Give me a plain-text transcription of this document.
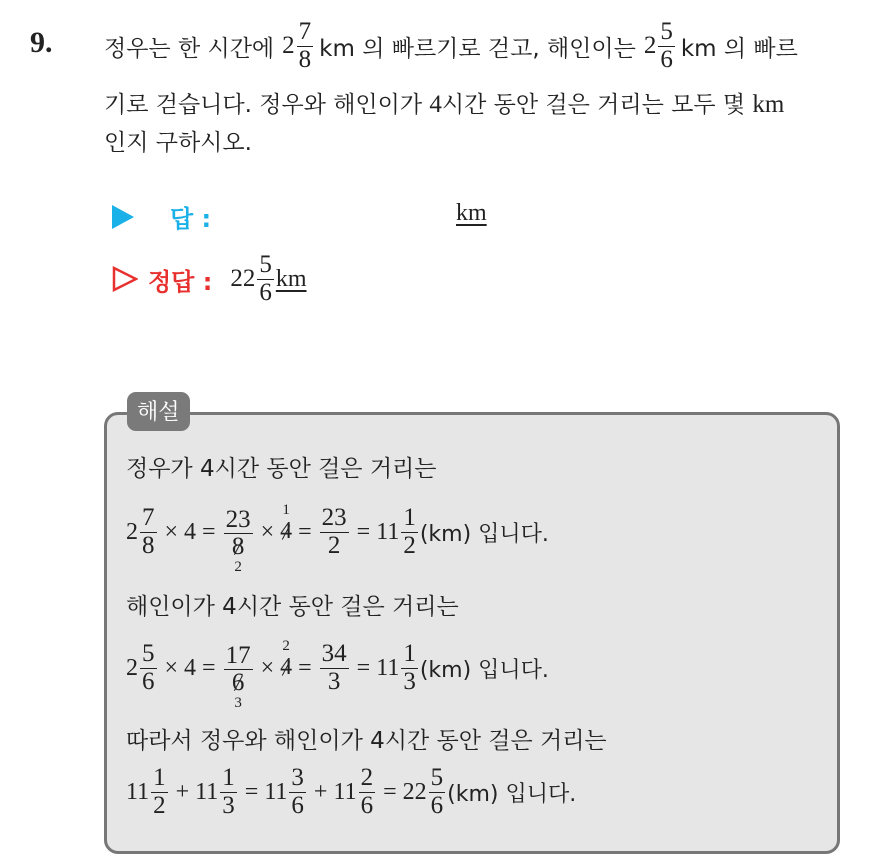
9. 정우는 한 시간에 $2 \frac{7}{8}$ km 의 빠르기로 걷고, 해인이는 $2 \frac{5}{6}$ km 의 빠르
기로 걷습니다. 정우와 해인이가 4시간 동안 걸은 거리는 모두 몇 km
인지 구하시오.
답 :	km
정답 : $22 \frac{5}{6}$ km
해설
정우가 4시간 동안 걸은 거리는
$2 \frac{7}{8} \times 4 = \frac{23}{8}$
2
×
1
$4 = \frac{23}{2} = 11 \frac{1}{2} (km)$ 입니다.
해인이가 4시간 동안 걸은 거리는
$2 \frac{5}{6} \times 4 = \frac{17}{6}$
3
×
2
$4 = \frac{34}{3} = 11 \frac{1}{3} (km)$ 입니다.
따라서 정우와 해인이가 4시간 동안 걸은 거리는
$11 \frac{1}{2} + 11 \frac{1}{3} = 11 \frac{3}{6} + 11 \frac{2}{6} = 22 \frac{5}{6} (km)$ 입니다.
